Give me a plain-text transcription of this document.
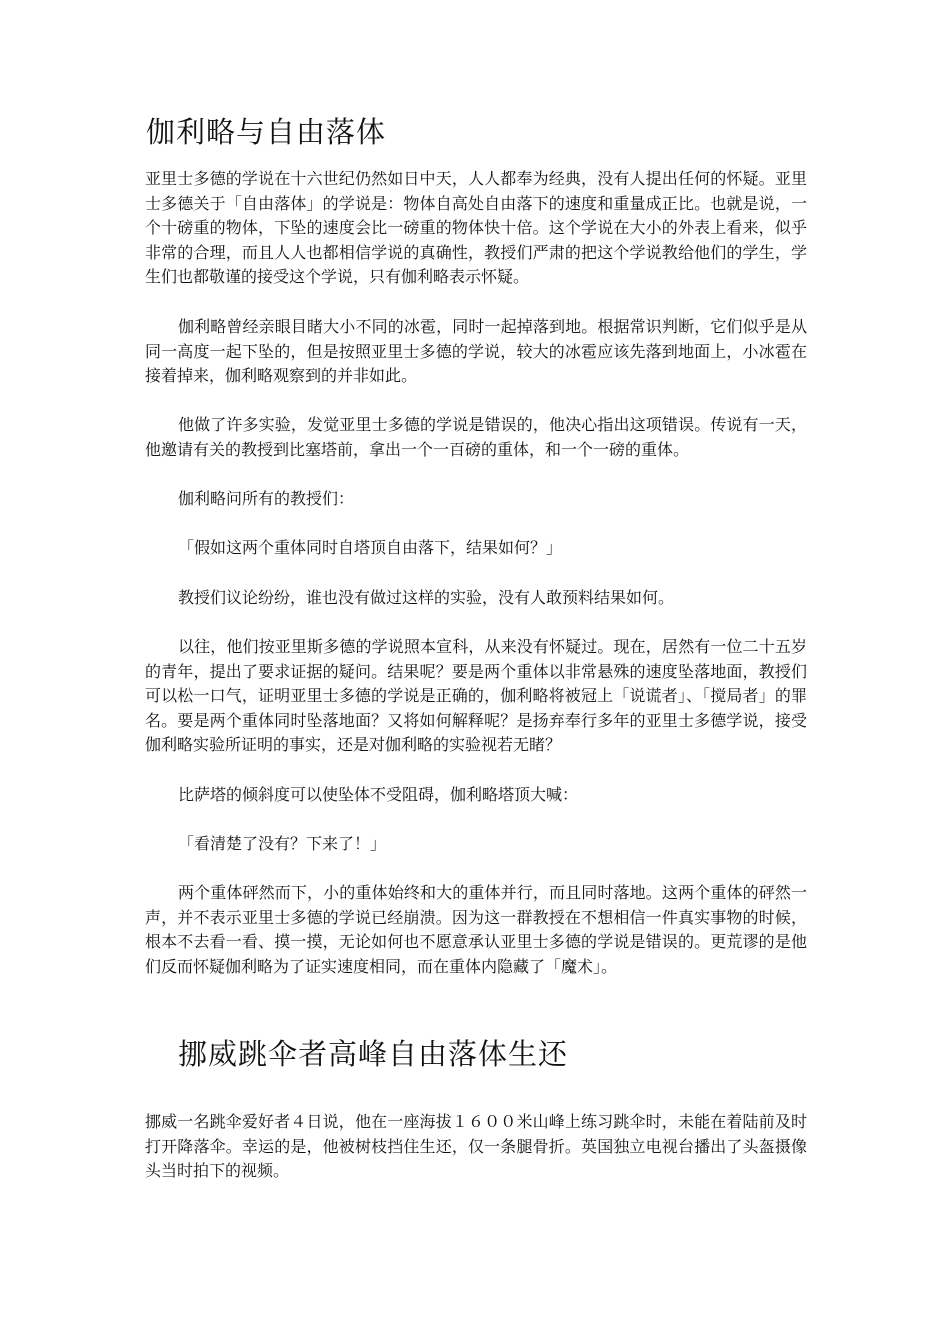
伽利略与自由落体

亚里士多德的学说在十六世纪仍然如日中天，人人都奉为经典，没有人提出任何的怀疑。亚里士多德关于「自由落体」的学说是：物体自高处自由落下的速度和重量成正比。也就是说，一个十磅重的物体，下坠的速度会比一磅重的物体快十倍。这个学说在大小的外表上看来，似乎非常的合理，而且人人也都相信学说的真确性，教授们严肃的把这个学说教给他们的学生，学生们也都敬谨的接受这个学说，只有伽利略表示怀疑。

伽利略曾经亲眼目睹大小不同的冰雹，同时一起掉落到地。根据常识判断，它们似乎是从同一高度一起下坠的，但是按照亚里士多德的学说，较大的冰雹应该先落到地面上，小冰雹在接着掉来，伽利略观察到的并非如此。

他做了许多实验，发觉亚里士多德的学说是错误的，他决心指出这项错误。传说有一天，他邀请有关的教授到比塞塔前，拿出一个一百磅的重体，和一个一磅的重体。

伽利略问所有的教授们：

「假如这两个重体同时自塔顶自由落下，结果如何？」

教授们议论纷纷，谁也没有做过这样的实验，没有人敢预料结果如何。

以往，他们按亚里斯多德的学说照本宣科，从来没有怀疑过。现在，居然有一位二十五岁的青年，提出了要求证据的疑问。结果呢？要是两个重体以非常悬殊的速度坠落地面，教授们可以松一口气，证明亚里士多德的学说是正确的，伽利略将被冠上「说谎者」、「搅局者」的罪名。要是两个重体同时坠落地面？又将如何解释呢？是扬弃奉行多年的亚里士多德学说，接受伽利略实验所证明的事实，还是对伽利略的实验视若无睹？

比萨塔的倾斜度可以使坠体不受阻碍，伽利略塔顶大喊：

「看清楚了没有？下来了！」

两个重体砰然而下，小的重体始终和大的重体并行，而且同时落地。这两个重体的砰然一声，并不表示亚里士多德的学说已经崩溃。因为这一群教授在不想相信一件真实事物的时候，根本不去看一看、摸一摸，无论如何也不愿意承认亚里士多德的学说是错误的。更荒谬的是他们反而怀疑伽利略为了证实速度相同，而在重体内隐藏了「魔术」。

挪威跳伞者高峰自由落体生还

挪威一名跳伞爱好者４日说，他在一座海拔１６００米山峰上练习跳伞时，未能在着陆前及时打开降落伞。幸运的是，他被树枝挡住生还，仅一条腿骨折。英国独立电视台播出了头盔摄像头当时拍下的视频。
